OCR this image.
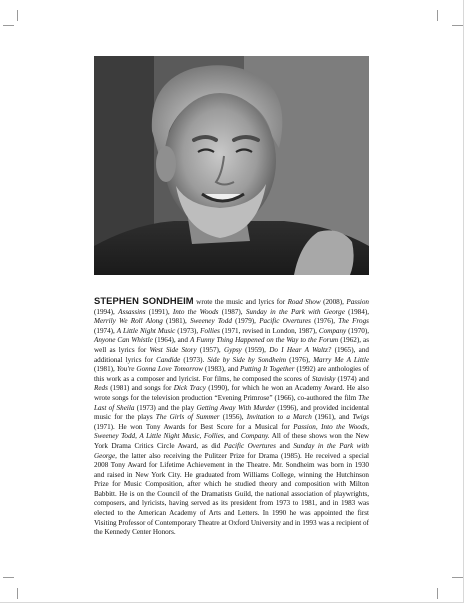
STEPHEN SONDHEIM wrote the music and lyrics for Road Show (2008), Passion (1994), Assassins (1991), Into the Woods (1987), Sunday in the Park with George (1984), Merrily We Roll Along (1981), Sweeney Todd (1979), Pacific Overtures (1976), The Frogs (1974), A Little Night Music (1973), Follies (1971, revised in London, 1987), Company (1970), Anyone Can Whistle (1964), and A Funny Thing Happened on the Way to the Forum (1962), as well as lyrics for West Side Story (1957), Gypsy (1959), Do I Hear A Waltz? (1965), and additional lyrics for Candide (1973). Side by Side by Sondheim (1976), Marry Me A Little (1981), You're Gonna Love Tomorrow (1983), and Putting It Together (1992) are anthologies of this work as a composer and lyricist. For films, he composed the scores of Stavisky (1974) and Reds (1981) and songs for Dick Tracy (1990), for which he won an Academy Award. He also wrote songs for the television production “Evening Primrose” (1966), co-authored the film The Last of Sheila (1973) and the play Getting Away With Murder (1996), and provided incidental music for the plays The Girls of Summer (1956), Invitation to a March (1961), and Twigs (1971). He won Tony Awards for Best Score for a Musical for Passion, Into the Woods, Sweeney Todd, A Little Night Music, Follies, and Company. All of these shows won the New York Drama Critics Circle Award, as did Pacific Overtures and Sunday in the Park with George, the latter also receiving the Pulitzer Prize for Drama (1985). He received a special 2008 Tony Award for Lifetime Achievement in the Theatre. Mr. Sondheim was born in 1930 and raised in New York City. He graduated from Williams College, winning the Hutchinson Prize for Music Composition, after which he studied theory and composition with Milton Babbitt. He is on the Council of the Dramatists Guild, the national association of playwrights, composers, and lyricists, having served as its president from 1973 to 1981, and in 1983 was elected to the American Academy of Arts and Letters. In 1990 he was appointed the first Visiting Professor of Contemporary Theatre at Oxford University and in 1993 was a recipient of the Kennedy Center Honors.
